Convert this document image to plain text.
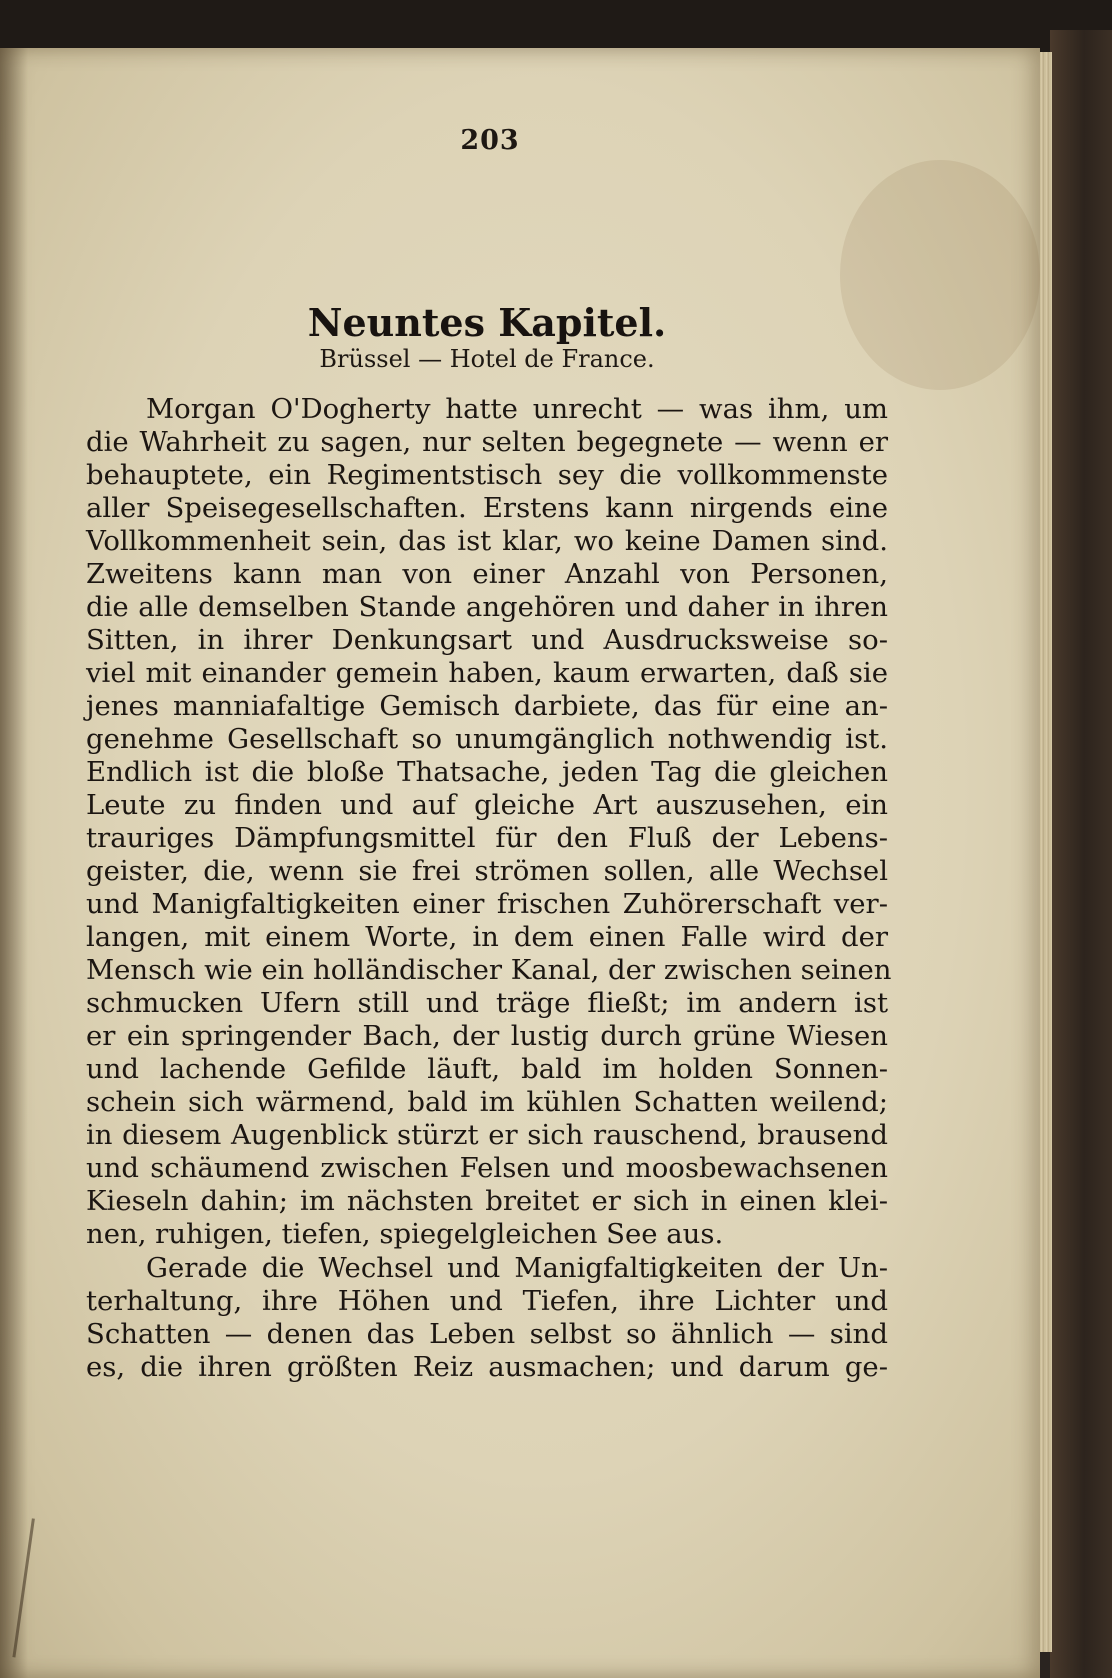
203
Neuntes Kapitel.
Brüssel — Hotel de France.
Morgan O'Dogherty hatte unrecht — was ihm, um
die Wahrheit zu sagen, nur selten begegnete — wenn er
behauptete, ein Regimentstisch sey die vollkommenste
aller Speisegesellschaften. Erstens kann nirgends eine
Vollkommenheit sein, das ist klar, wo keine Damen sind.
Zweitens kann man von einer Anzahl von Personen,
die alle demselben Stande angehören und daher in ihren
Sitten, in ihrer Denkungsart und Ausdrucksweise so-
viel mit einander gemein haben, kaum erwarten, daß sie
jenes manniafaltige Gemisch darbiete, das für eine an-
genehme Gesellschaft so unumgänglich nothwendig ist.
Endlich ist die bloße Thatsache, jeden Tag die gleichen
Leute zu finden und auf gleiche Art auszusehen, ein
trauriges Dämpfungsmittel für den Fluß der Lebens-
geister, die, wenn sie frei strömen sollen, alle Wechsel
und Manigfaltigkeiten einer frischen Zuhörerschaft ver-
langen, mit einem Worte, in dem einen Falle wird der
Mensch wie ein holländischer Kanal, der zwischen seinen
schmucken Ufern still und träge fließt; im andern ist
er ein springender Bach, der lustig durch grüne Wiesen
und lachende Gefilde läuft, bald im holden Sonnen-
schein sich wärmend, bald im kühlen Schatten weilend;
in diesem Augenblick stürzt er sich rauschend, brausend
und schäumend zwischen Felsen und moosbewachsenen
Kieseln dahin; im nächsten breitet er sich in einen klei-
nen, ruhigen, tiefen, spiegelgleichen See aus.
Gerade die Wechsel und Manigfaltigkeiten der Un-
terhaltung, ihre Höhen und Tiefen, ihre Lichter und
Schatten — denen das Leben selbst so ähnlich — sind
es, die ihren größten Reiz ausmachen; und darum ge-
